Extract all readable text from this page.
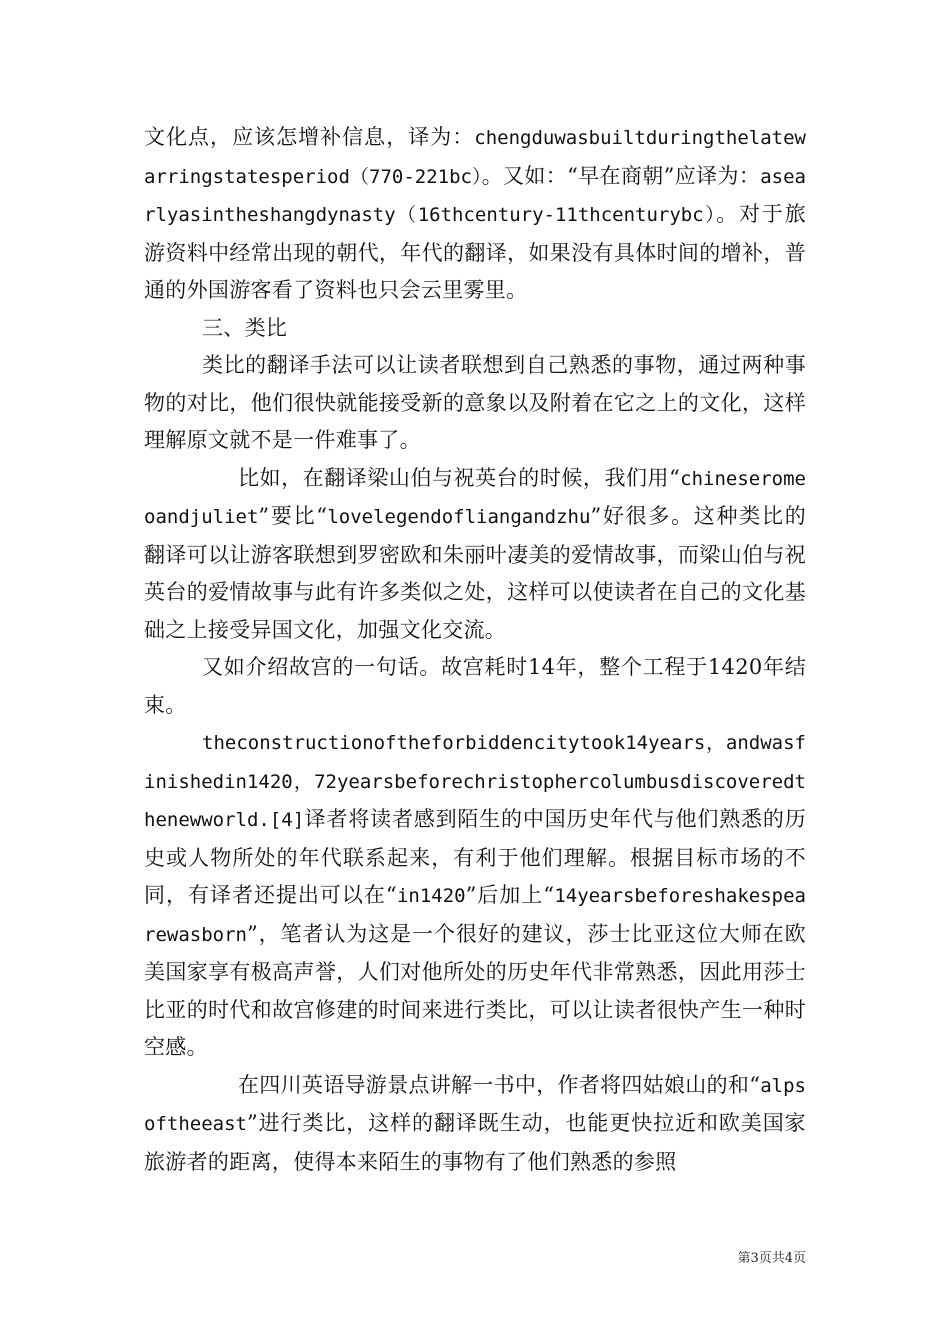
文化点，应该怎增补信息，译为：chengduwasbuiltduringthelatewarringstatesperiod（770-221bc）。又如：“早在商朝”应译为：asearlyasintheshangdynasty（16thcentury-11thcenturybc）。对于旅游资料中经常出现的朝代，年代的翻译，如果没有具体时间的增补，普通的外国游客看了资料也只会云里雾里。

三、类比

类比的翻译手法可以让读者联想到自己熟悉的事物，通过两种事物的对比，他们很快就能接受新的意象以及附着在它之上的文化，这样理解原文就不是一件难事了。

比如，在翻译梁山伯与祝英台的时候，我们用“chineseromeoandjuliet”要比“lovelegendofliangandzhu”好很多。这种类比的翻译可以让游客联想到罗密欧和朱丽叶凄美的爱情故事，而梁山伯与祝英台的爱情故事与此有许多类似之处，这样可以使读者在自己的文化基础之上接受异国文化，加强文化交流。

又如介绍故宫的一句话。故宫耗时14年，整个工程于1420年结束。

theconstructionoftheforbiddencitytook14years，andwasfinishedin1420，72yearsbeforechristophercolumbusdiscoveredthenewworld.[4]译者将读者感到陌生的中国历史年代与他们熟悉的历史或人物所处的年代联系起来，有利于他们理解。根据目标市场的不同，有译者还提出可以在“in1420”后加上“14yearsbeforeshakespearewasborn”，笔者认为这是一个很好的建议，莎士比亚这位大师在欧美国家享有极高声誉，人们对他所处的历史年代非常熟悉，因此用莎士比亚的时代和故宫修建的时间来进行类比，可以让读者很快产生一种时空感。

在四川英语导游景点讲解一书中，作者将四姑娘山的和“alpsoftheeast”进行类比，这样的翻译既生动，也能更快拉近和欧美国家旅游者的距离，使得本来陌生的事物有了他们熟悉的参照

第3页共4页
